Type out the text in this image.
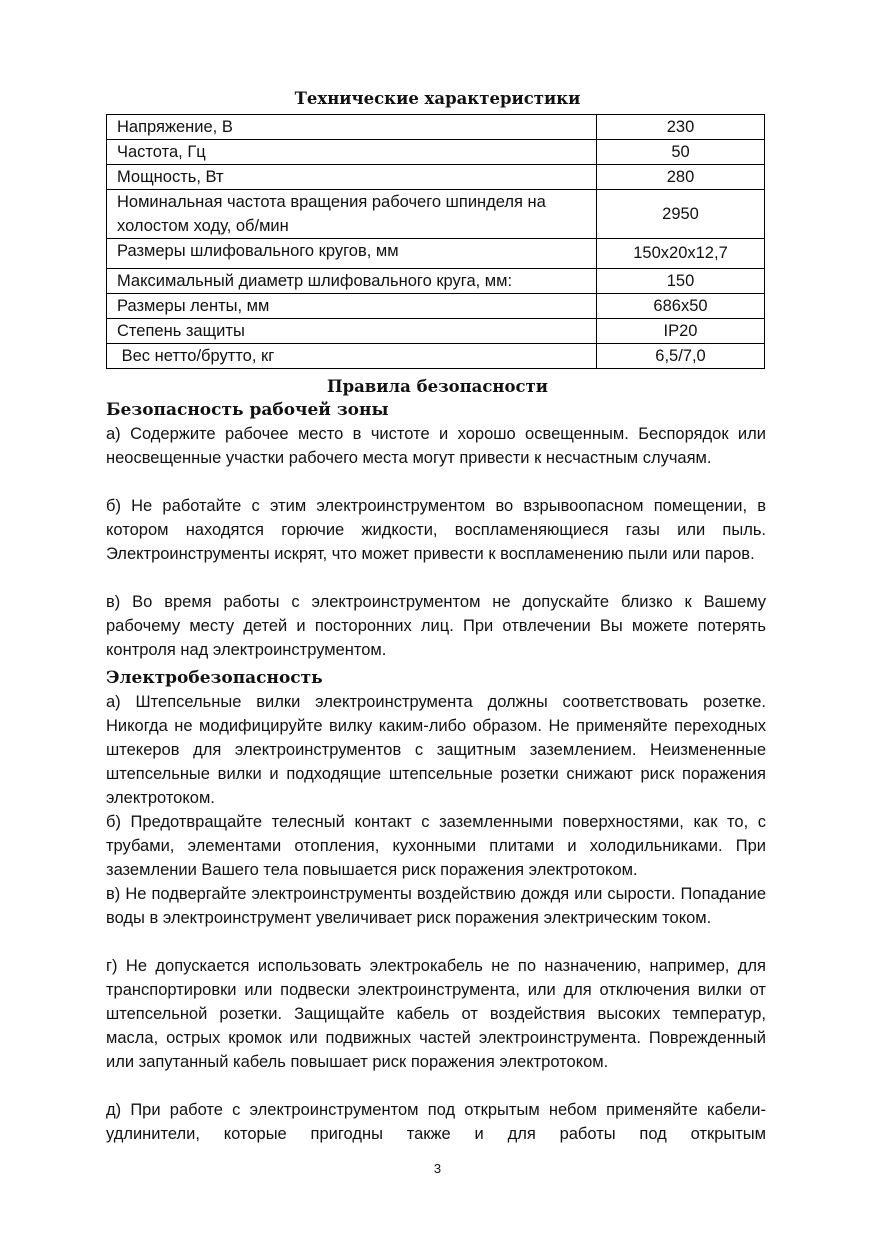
Технические характеристики
Напряжение, В	230
Частота, Гц	50
Мощность, Вт	280
Номинальная частота вращения рабочего шпинделя на холостом ходу, об/мин	2950
Размеры шлифовального кругов, мм	150x20x12,7
Максимальный диаметр шлифовального круга, мм:	150
Размеры ленты, мм	686x50
Степень защиты	IP20
Вес нетто/брутто, кг	6,5/7,0
Правила безопасности
Безопасность рабочей зоны

а) Содержите рабочее место в чистоте и хорошо освещенным. Беспорядок или неосвещенные участки рабочего места могут привести к несчастным случаям.

б) Не работайте с этим электроинструментом во взрывоопасном помещении, в котором находятся горючие жидкости, воспламеняющиеся газы или пыль. Электроинструменты искрят, что может привести к воспламенению пыли или паров.

в) Во время работы с электроинструментом не допускайте близко к Вашему рабочему месту детей и посторонних лиц. При отвлечении Вы можете потерять контроля над электроинструментом.

Электробезопасность

а) Штепсельные вилки электроинструмента должны соответствовать розетке. Никогда не модифицируйте вилку каким-либо образом. Не применяйте переходных штекеров для электроинструментов с защитным заземлением. Неизмененные штепсельные вилки и подходящие штепсельные розетки снижают риск поражения электротоком.

б) Предотвращайте телесный контакт с заземленными поверхностями, как то, с трубами, элементами отопления, кухонными плитами и холодильниками. При заземлении Вашего тела повышается риск поражения электротоком.

в) Не подвергайте электроинструменты воздействию дождя или сырости. Попадание воды в электроинструмент увеличивает риск поражения электрическим током.

г) Не допускается использовать электрокабель не по назначению, например, для транспортировки или подвески электроинструмента, или для отключения вилки от штепсельной розетки. Защищайте кабель от воздействия высоких температур, масла, острых кромок или подвижных частей электроинструмента. Поврежденный или запутанный кабель повышает риск поражения электротоком.

д) При работе с электроинструментом под открытым небом применяйте кабели-удлинители, которые пригодны также и для работы под открытым

3
